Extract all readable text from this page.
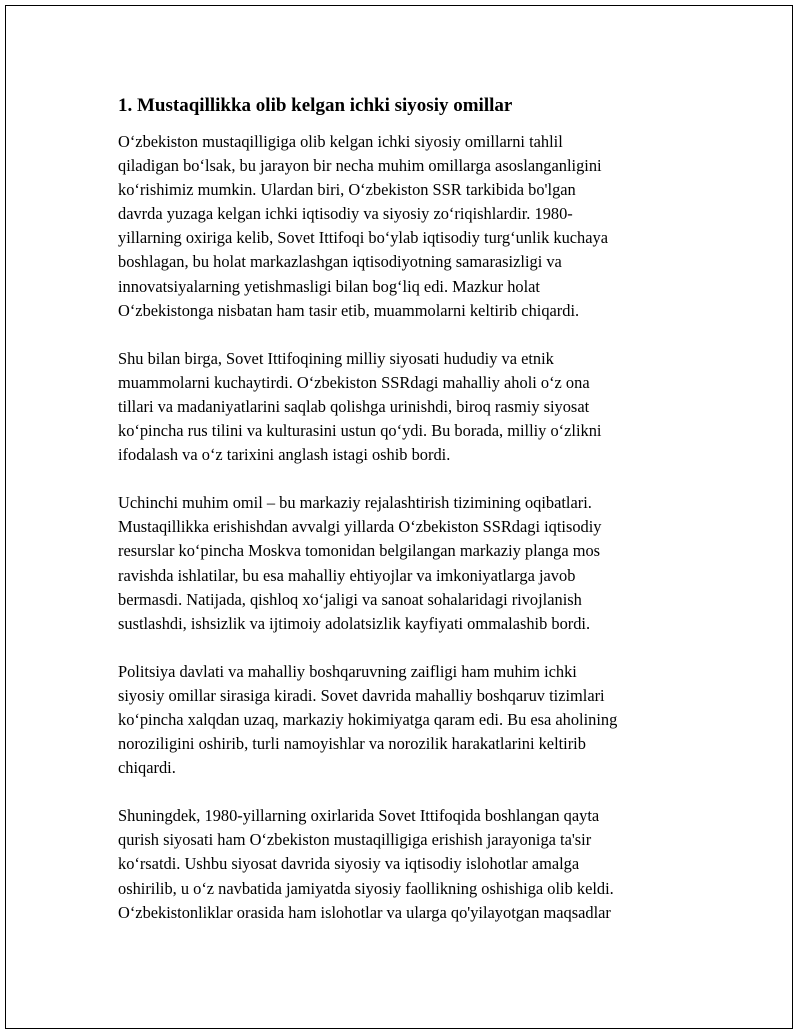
1. Mustaqillikka olib kelgan ichki siyosiy omillar
O‘zbekiston mustaqilligiga olib kelgan ichki siyosiy omillarni tahlil
qiladigan bo‘lsak, bu jarayon bir necha muhim omillarga asoslanganligini
ko‘rishimiz mumkin. Ulardan biri, O‘zbekiston SSR tarkibida bo'lgan
davrda yuzaga kelgan ichki iqtisodiy va siyosiy zo‘riqishlardir. 1980-
yillarning oxiriga kelib, Sovet Ittifoqi bo‘ylab iqtisodiy turg‘unlik kuchaya
boshlagan, bu holat markazlashgan iqtisodiyotning samarasizligi va
innovatsiyalarning yetishmasligi bilan bog‘liq edi. Mazkur holat
O‘zbekistonga nisbatan ham tasir etib, muammolarni keltirib chiqardi.
Shu bilan birga, Sovet Ittifoqining milliy siyosati hududiy va etnik
muammolarni kuchaytirdi. O‘zbekiston SSRdagi mahalliy aholi o‘z ona
tillari va madaniyatlarini saqlab qolishga urinishdi, biroq rasmiy siyosat
ko‘pincha rus tilini va kulturasini ustun qo‘ydi. Bu borada, milliy o‘zlikni
ifodalash va o‘z tarixini anglash istagi oshib bordi.
Uchinchi muhim omil – bu markaziy rejalashtirish tizimining oqibatlari.
Mustaqillikka erishishdan avvalgi yillarda O‘zbekiston SSRdagi iqtisodiy
resurslar ko‘pincha Moskva tomonidan belgilangan markaziy planga mos
ravishda ishlatilar, bu esa mahalliy ehtiyojlar va imkoniyatlarga javob
bermasdi. Natijada, qishloq xo‘jaligi va sanoat sohalaridagi rivojlanish
sustlashdi, ishsizlik va ijtimoiy adolatsizlik kayfiyati ommalashib bordi.
Politsiya davlati va mahalliy boshqaruvning zaifligi ham muhim ichki
siyosiy omillar sirasiga kiradi. Sovet davrida mahalliy boshqaruv tizimlari
ko‘pincha xalqdan uzaq, markaziy hokimiyatga qaram edi. Bu esa aholining
noroziligini oshirib, turli namoyishlar va norozilik harakatlarini keltirib
chiqardi.
Shuningdek, 1980-yillarning oxirlarida Sovet Ittifoqida boshlangan qayta
qurish siyosati ham O‘zbekiston mustaqilligiga erishish jarayoniga ta'sir
ko‘rsatdi. Ushbu siyosat davrida siyosiy va iqtisodiy islohotlar amalga
oshirilib, u o‘z navbatida jamiyatda siyosiy faollikning oshishiga olib keldi.
O‘zbekistonliklar orasida ham islohotlar va ularga qo'yilayotgan maqsadlar
